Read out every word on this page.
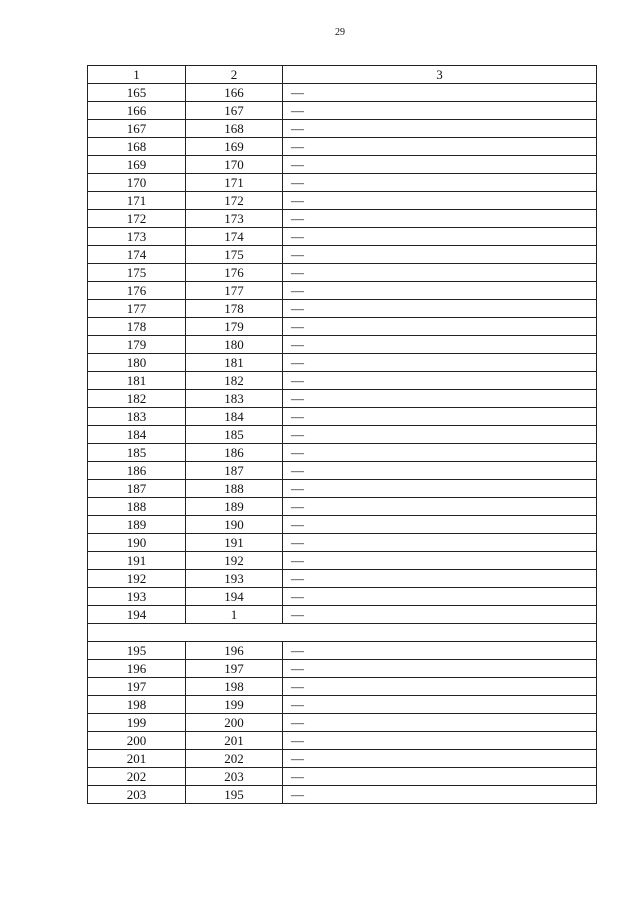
29
1	2	3
165	166	—
166	167	—
167	168	—
168	169	—
169	170	—
170	171	—
171	172	—
172	173	—
173	174	—
174	175	—
175	176	—
176	177	—
177	178	—
178	179	—
179	180	—
180	181	—
181	182	—
182	183	—
183	184	—
184	185	—
185	186	—
186	187	—
187	188	—
188	189	—
189	190	—
190	191	—
191	192	—
192	193	—
193	194	—
194	1	—

195	196	—
196	197	—
197	198	—
198	199	—
199	200	—
200	201	—
201	202	—
202	203	—
203	195	—
